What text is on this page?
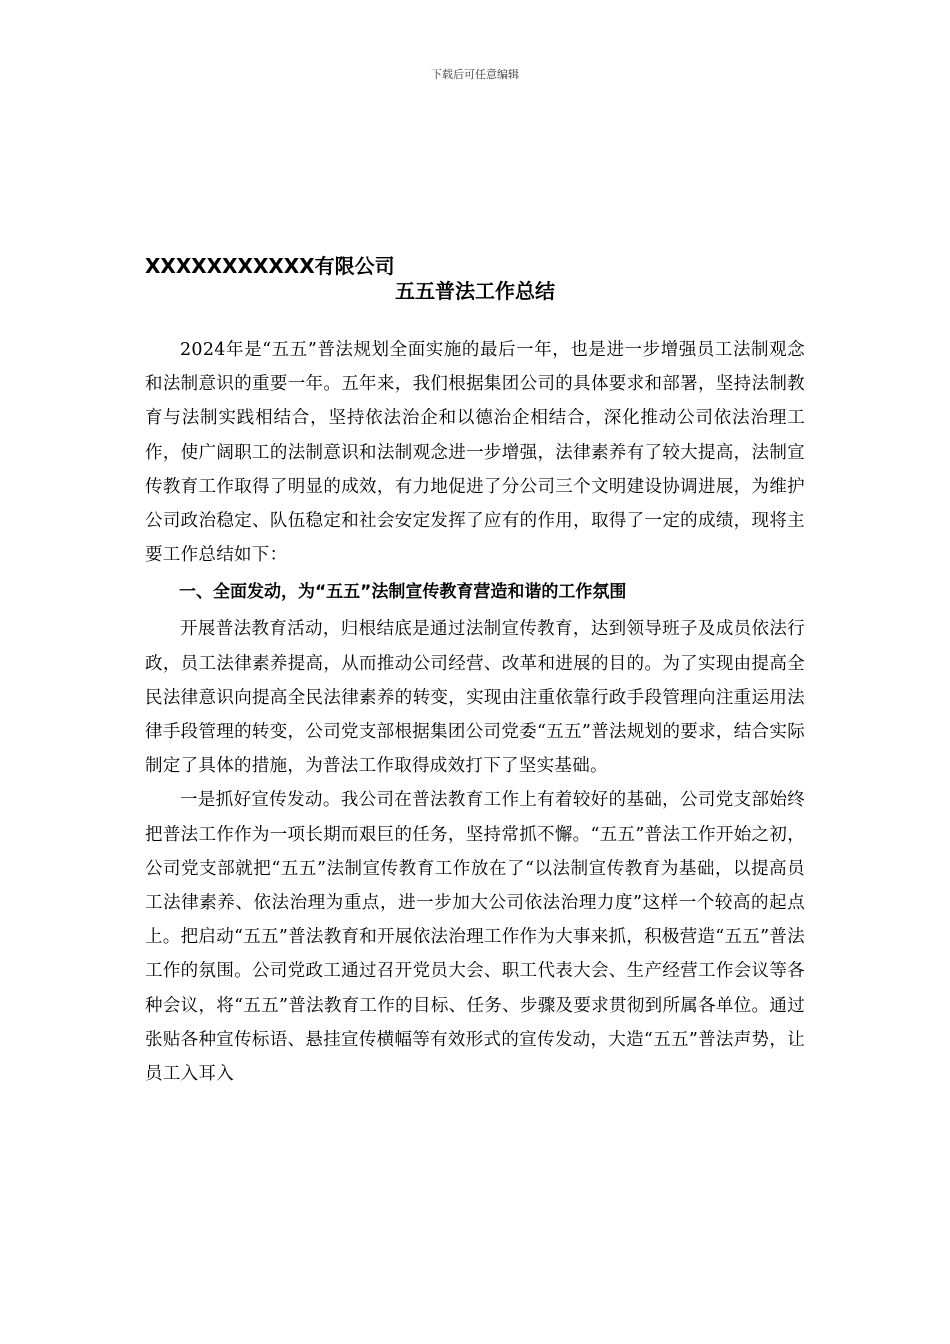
下载后可任意编辑
XXXXXXXXXXX有限公司
五五普法工作总结

2024年是“五五”普法规划全面实施的最后一年，也是进一步增强员工法制观念和法制意识的重要一年。五年来，我们根据集团公司的具体要求和部署，坚持法制教育与法制实践相结合，坚持依法治企和以德治企相结合，深化推动公司依法治理工作，使广阔职工的法制意识和法制观念进一步增强，法律素养有了较大提高，法制宣传教育工作取得了明显的成效，有力地促进了分公司三个文明建设协调进展，为维护公司政治稳定、队伍稳定和社会安定发挥了应有的作用，取得了一定的成绩，现将主要工作总结如下：

一、全面发动，为“五五”法制宣传教育营造和谐的工作氛围

开展普法教育活动，归根结底是通过法制宣传教育，达到领导班子及成员依法行政，员工法律素养提高，从而推动公司经营、改革和进展的目的。为了实现由提高全民法律意识向提高全民法律素养的转变，实现由注重依靠行政手段管理向注重运用法律手段管理的转变，公司党支部根据集团公司党委“五五”普法规划的要求，结合实际制定了具体的措施，为普法工作取得成效打下了坚实基础。

一是抓好宣传发动。我公司在普法教育工作上有着较好的基础，公司党支部始终把普法工作作为一项长期而艰巨的任务，坚持常抓不懈。“五五”普法工作开始之初，公司党支部就把“五五”法制宣传教育工作放在了“以法制宣传教育为基础，以提高员工法律素养、依法治理为重点，进一步加大公司依法治理力度”这样一个较高的起点上。把启动“五五”普法教育和开展依法治理工作作为大事来抓，积极营造“五五”普法工作的氛围。公司党政工通过召开党员大会、职工代表大会、生产经营工作会议等各种会议，将“五五”普法教育工作的目标、任务、步骤及要求贯彻到所属各单位。通过张贴各种宣传标语、悬挂宣传横幅等有效形式的宣传发动，大造“五五”普法声势，让员工入耳入
